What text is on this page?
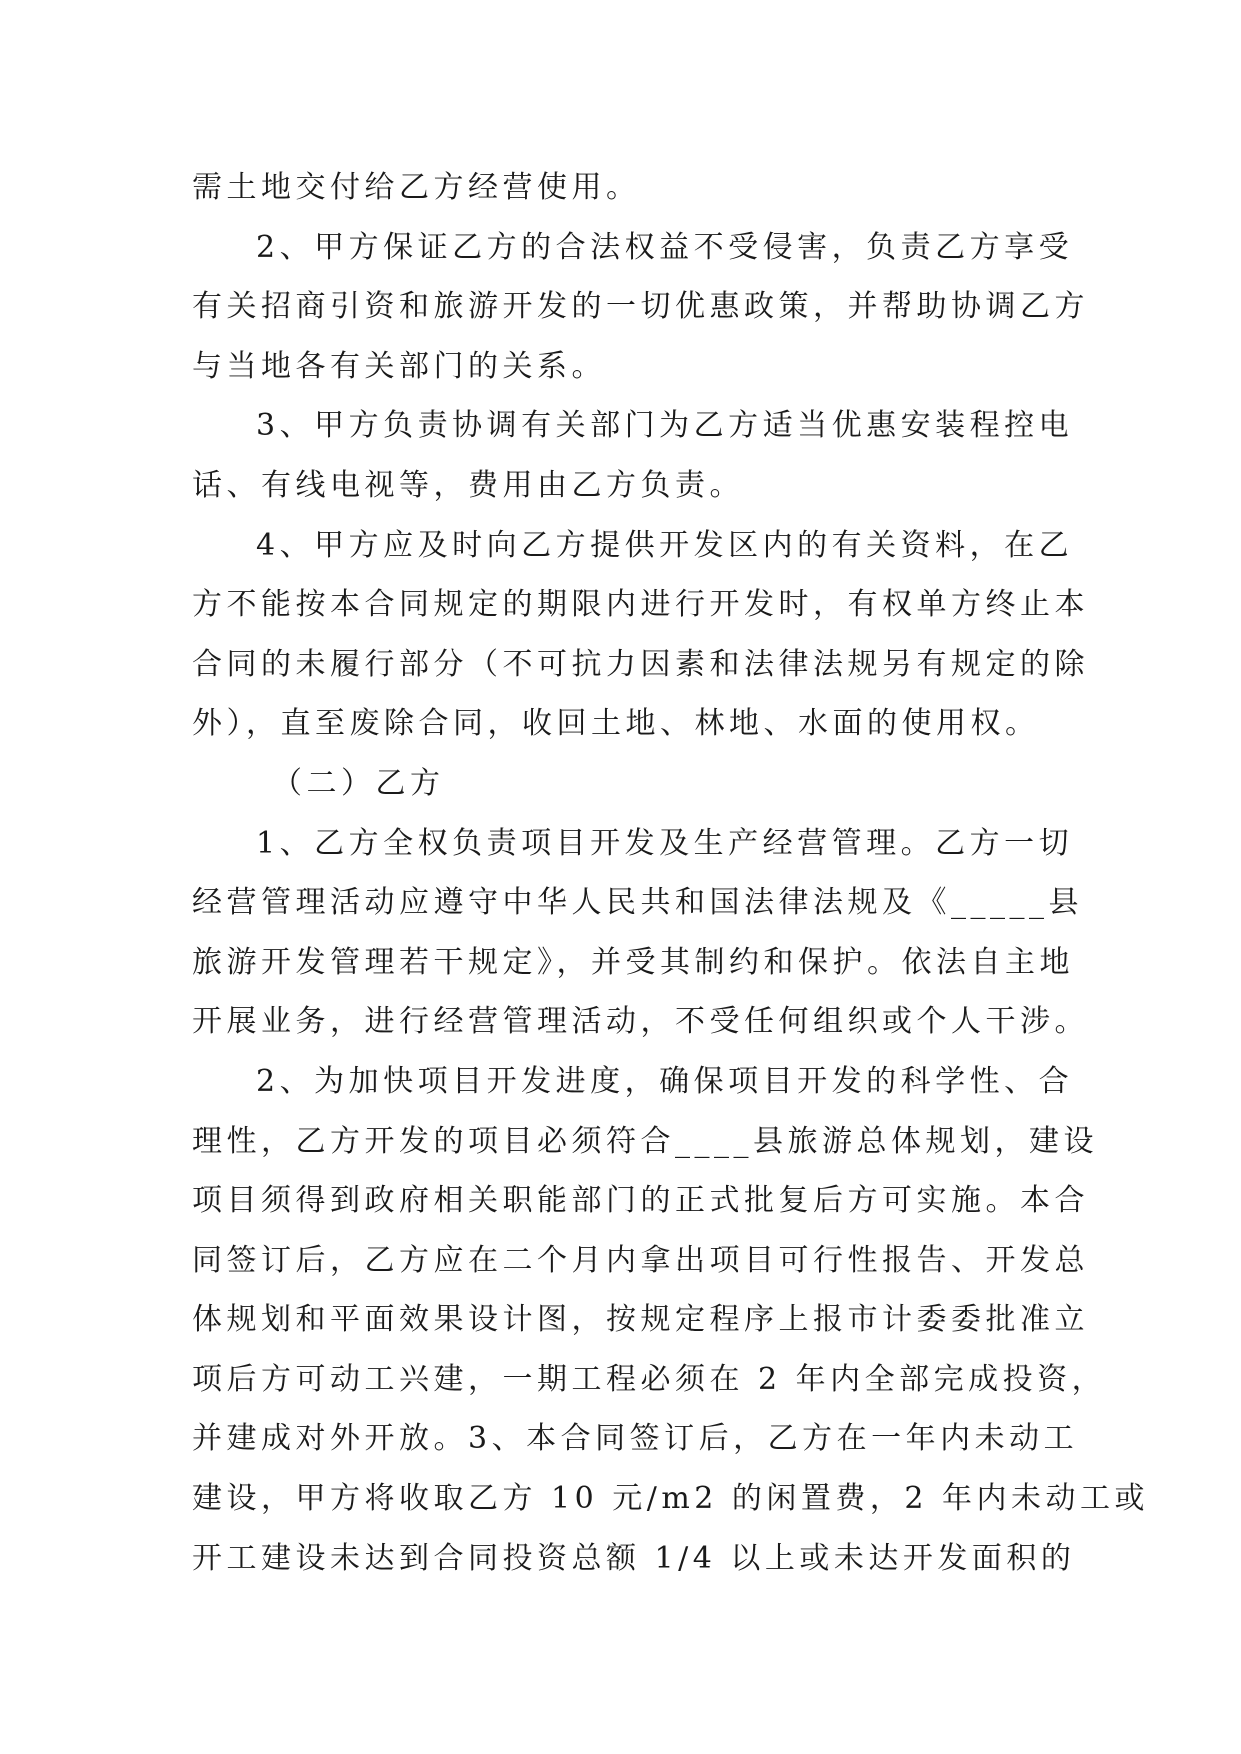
需土地交付给乙方经营使用。
2、甲方保证乙方的合法权益不受侵害，负责乙方享受
有关招商引资和旅游开发的一切优惠政策，并帮助协调乙方
与当地各有关部门的关系。
3、甲方负责协调有关部门为乙方适当优惠安装程控电
话、有线电视等，费用由乙方负责。
4、甲方应及时向乙方提供开发区内的有关资料，在乙
方不能按本合同规定的期限内进行开发时，有权单方终止本
合同的未履行部分（不可抗力因素和法律法规另有规定的除
外），直至废除合同，收回土地、林地、水面的使用权。
（二）乙方
1、乙方全权负责项目开发及生产经营管理。乙方一切
经营管理活动应遵守中华人民共和国法律法规及《_____县
旅游开发管理若干规定》，并受其制约和保护。依法自主地
开展业务，进行经营管理活动，不受任何组织或个人干涉。
2、为加快项目开发进度，确保项目开发的科学性、合
理性，乙方开发的项目必须符合____县旅游总体规划，建设
项目须得到政府相关职能部门的正式批复后方可实施。本合
同签订后，乙方应在二个月内拿出项目可行性报告、开发总
体规划和平面效果设计图，按规定程序上报市计委委批准立
项后方可动工兴建，一期工程必须在 2 年内全部完成投资，
并建成对外开放。3、本合同签订后，乙方在一年内未动工
建设，甲方将收取乙方 10 元/m2 的闲置费，2 年内未动工或
开工建设未达到合同投资总额 1/4 以上或未达开发面积的
